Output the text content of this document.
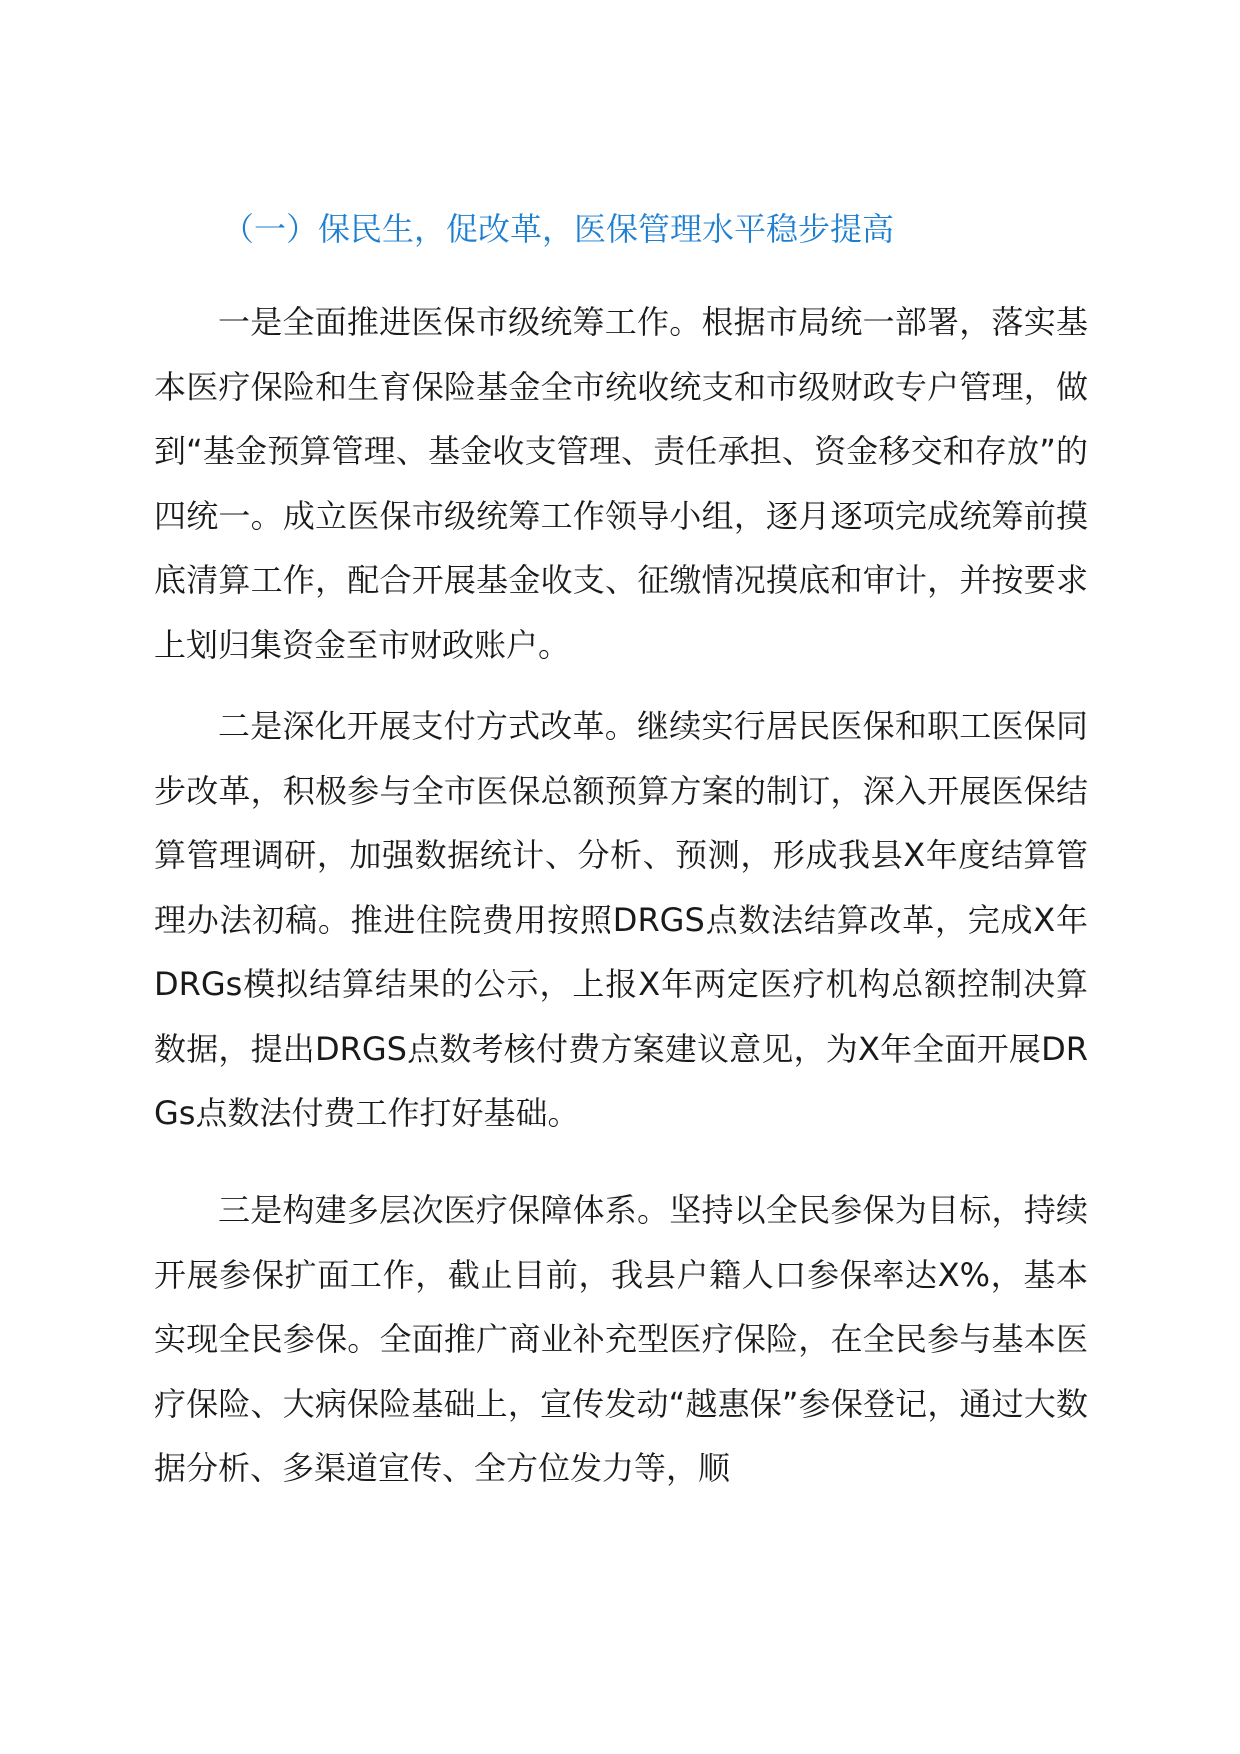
（一）保民生，促改革，医保管理水平稳步提高

一是全面推进医保市级统筹工作。根据市局统一部署，落实基本医疗保险和生育保险基金全市统收统支和市级财政专户管理，做到“基金预算管理、基金收支管理、责任承担、资金移交和存放”的四统一。成立医保市级统筹工作领导小组，逐月逐项完成统筹前摸底清算工作，配合开展基金收支、征缴情况摸底和审计，并按要求上划归集资金至市财政账户。

二是深化开展支付方式改革。继续实行居民医保和职工医保同步改革，积极参与全市医保总额预算方案的制订，深入开展医保结算管理调研，加强数据统计、分析、预测，形成我县X年度结算管理办法初稿。推进住院费用按照DRGS点数法结算改革，完成X年DRGs模拟结算结果的公示，上报X年两定医疗机构总额控制决算数据，提出DRGS点数考核付费方案建议意见，为X年全面开展DRGs点数法付费工作打好基础。

三是构建多层次医疗保障体系。坚持以全民参保为目标，持续开展参保扩面工作，截止目前，我县户籍人口参保率达X%，基本实现全民参保。全面推广商业补充型医疗保险，在全民参与基本医疗保险、大病保险基础上，宣传发动“越惠保”参保登记，通过大数据分析、多渠道宣传、全方位发力等，顺
